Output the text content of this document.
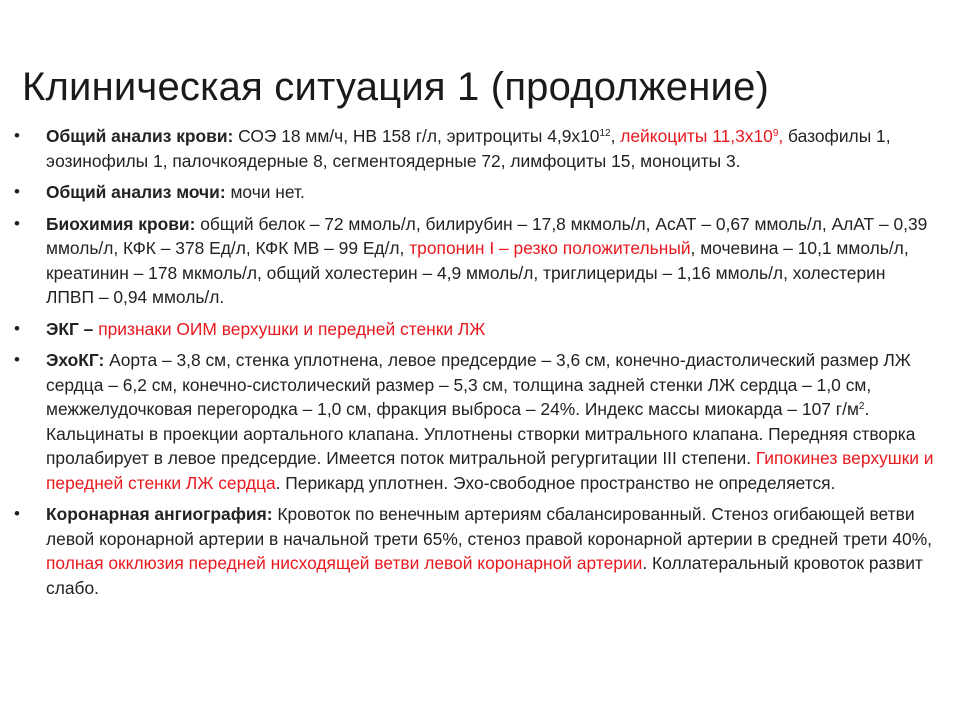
Клиническая ситуация 1 (продолжение)
• Общий анализ крови: СОЭ 18 мм/ч, НВ 158 г/л, эритроциты $4,9х10^{12}$, лейкоциты $11,3х10^9$, базофилы 1, эозинофилы 1, палочкоядерные 8, сегментоядерные 72, лимфоциты 15, моноциты 3.
• Общий анализ мочи: мочи нет.
• Биохимия крови: общий белок – 72 ммоль/л, билирубин – 17,8 мкмоль/л, АсАТ – 0,67 ммоль/л, АлАТ – 0,39 ммоль/л, КФК – 378 Ед/л, КФК МВ – 99 Ед/л, тропонин I – резко положительный, мочевина – 10,1 ммоль/л, креатинин – 178 мкмоль/л, общий холестерин – 4,9 ммоль/л, триглицериды – 1,16 ммоль/л, холестерин ЛПВП – 0,94 ммоль/л.
• ЭКГ – признаки ОИМ верхушки и передней стенки ЛЖ
• ЭхоКГ: Аорта – 3,8 см, стенка уплотнена, левое предсердие – 3,6 см, конечно-диастолический размер ЛЖ сердца – 6,2 см, конечно-систолический размер – 5,3 см, толщина задней стенки ЛЖ сердца – 1,0 см, межжелудочковая перегородка – 1,0 см, фракция выброса – 24%. Индекс массы миокарда – 107 $г/м^2$. Кальцинаты в проекции аортального клапана. Уплотнены створки митрального клапана. Передняя створка пролабирует в левое предсердие. Имеется поток митральной регургитации III степени. Гипокинез верхушки и передней стенки ЛЖ сердца. Перикард уплотнен. Эхо-свободное пространство не определяется.
• Коронарная ангиография: Кровоток по венечным артериям сбалансированный. Стеноз огибающей ветви левой коронарной артерии в начальной трети 65%, стеноз правой коронарной артерии в средней трети 40%, полная окклюзия передней нисходящей ветви левой коронарной артерии. Коллатеральный кровоток развит слабо.
